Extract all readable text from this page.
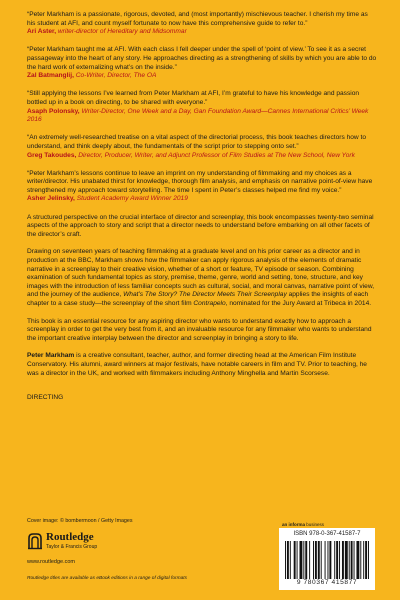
“Peter Markham is a passionate, rigorous, devoted, and (most importantly) mischievous teacher. I cherish my time as his student at AFI, and count myself fortunate to now have this comprehensive guide to refer to.”

Ari Aster, writer-director of Hereditary and Midsommar

“Peter Markham taught me at AFI. With each class I fell deeper under the spell of ‘point of view.’ To see it as a secret passageway into the heart of any story. He approaches directing as a strengthening of skills by which you are able to do the hard work of externalizing what’s on the inside.”

Zal Batmanglij, Co-Writer, Director, The OA

“Still applying the lessons I’ve learned from Peter Markham at AFI, I’m grateful to have his knowledge and passion bottled up in a book on directing, to be shared with everyone.”

Asaph Polonsky, Writer-Director, One Week and a Day, Gan Foundation Award—Cannes International Critics’ Week 2016

“An extremely well-researched treatise on a vital aspect of the directorial process, this book teaches directors how to understand, and think deeply about, the fundamentals of the script prior to stepping onto set.”

Greg Takoudes, Director, Producer, Writer, and Adjunct Professor of Film Studies at The New School, New York

“Peter Markham’s lessons continue to leave an imprint on my understanding of filmmaking and my choices as a writer/director. His unabated thirst for knowledge, thorough film analysis, and emphasis on narrative point-of-view have strengthened my approach toward storytelling. The time I spent in Peter’s classes helped me find my voice.”

Asher Jelinsky, Student Academy Award Winner 2019

A structured perspective on the crucial interface of director and screenplay, this book encompasses twenty-two seminal aspects of the approach to story and script that a director needs to understand before embarking on all other facets of the director’s craft.

Drawing on seventeen years of teaching filmmaking at a graduate level and on his prior career as a director and in production at the BBC, Markham shows how the filmmaker can apply rigorous analysis of the elements of dramatic narrative in a screenplay to their creative vision, whether of a short or feature, TV episode or season. Combining examination of such fundamental topics as story, premise, theme, genre, world and setting, tone, structure, and key images with the introduction of less familiar concepts such as cultural, social, and moral canvas, narrative point of view, and the journey of the audience, What’s The Story? The Director Meets Their Screenplay applies the insights of each chapter to a case study—the screenplay of the short film Contrapelo, nominated for the Jury Award at Tribeca in 2014.

This book is an essential resource for any aspiring director who wants to understand exactly how to approach a screenplay in order to get the very best from it, and an invaluable resource for any filmmaker who wants to understand the important creative interplay between the director and screenplay in bringing a story to life.

Peter Markham is a creative consultant, teacher, author, and former directing head at the American Film Institute Conservatory. His alumni, award winners at major festivals, have notable careers in film and TV. Prior to teaching, he was a director in the UK, and worked with filmmakers including Anthony Minghella and Martin Scorsese.

DIRECTING

Cover image: © bombermoon / Getty Images
Routledge
Taylor & Francis Group
www.routledge.com
Routledge titles are available as eBook editions in a range of digital formats
an informa business
ISBN 978-0-367-41587-7
9 780367 415877
